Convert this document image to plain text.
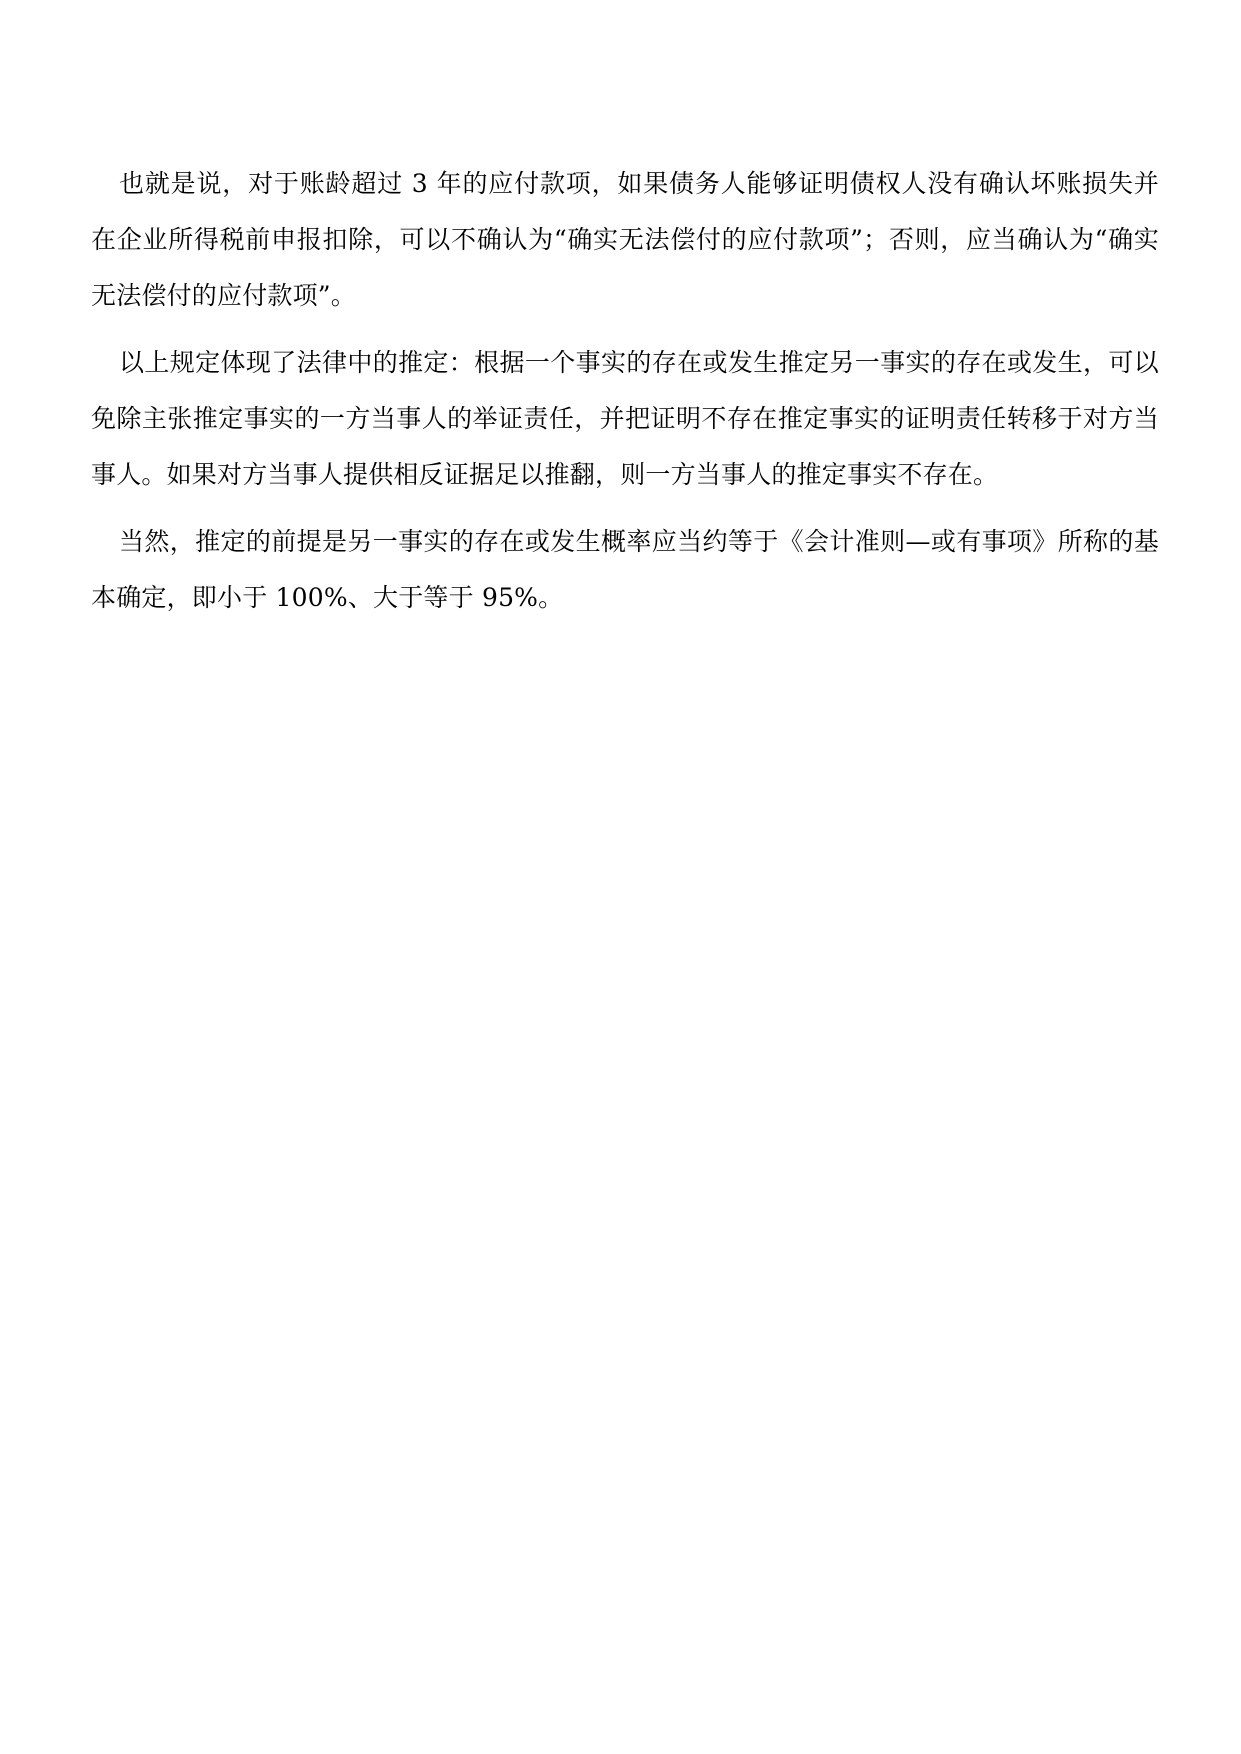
也就是说，对于账龄超过 3 年的应付款项，如果债务人能够证明债权人没有确认坏账损失并在企业所得税前申报扣除，可以不确认为“确实无法偿付的应付款项”；否则，应当确认为“确实无法偿付的应付款项”。

以上规定体现了法律中的推定：根据一个事实的存在或发生推定另一事实的存在或发生，可以免除主张推定事实的一方当事人的举证责任，并把证明不存在推定事实的证明责任转移于对方当事人。如果对方当事人提供相反证据足以推翻，则一方当事人的推定事实不存在。

当然，推定的前提是另一事实的存在或发生概率应当约等于《会计准则—或有事项》所称的基本确定，即小于 100%、大于等于 95%。
